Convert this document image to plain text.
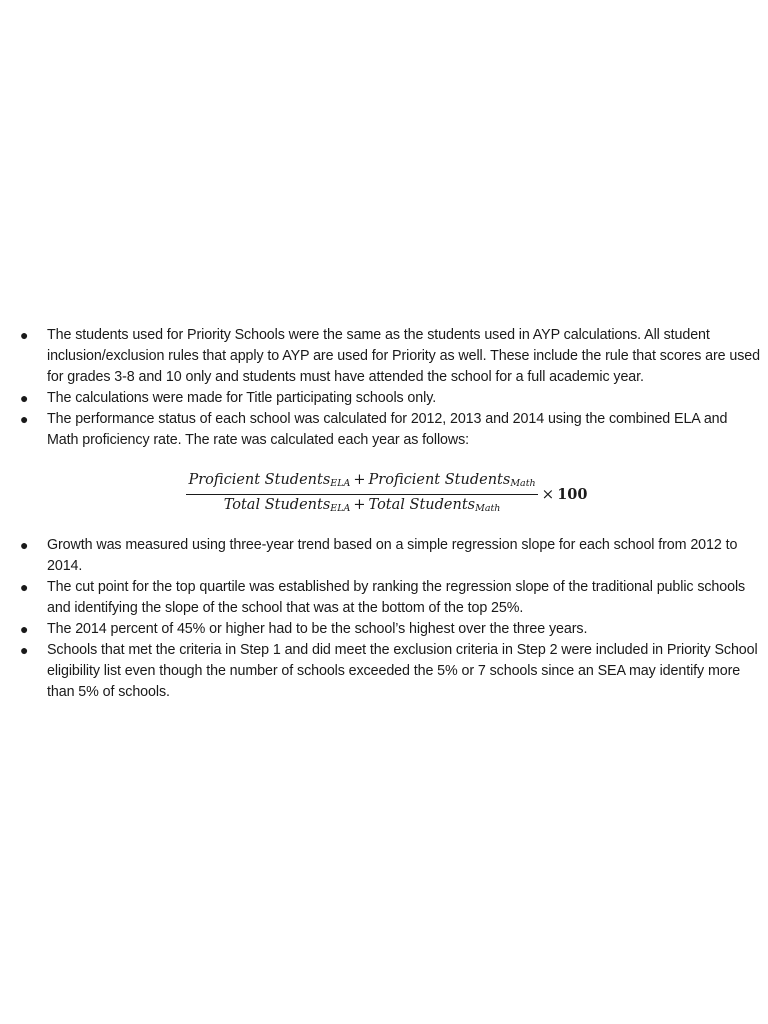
● The students used for Priority Schools were the same as the students used in AYP calculations. All student inclusion/exclusion rules that apply to AYP are used for Priority as well. These include the rule that scores are used for grades 3-8 and 10 only and students must have attended the school for a full academic year.
● The calculations were made for Title participating schools only.
● The performance status of each school was calculated for 2012, 2013 and 2014 using the combined ELA and Math proficiency rate. The rate was calculated each year as follows:
$\frac{Proficient Students_{ELA} + Proficient Students_{Math}}{Total Students_{ELA} + Total Students_{Math}} \times 100$
● Growth was measured using three-year trend based on a simple regression slope for each school from 2012 to 2014.
● The cut point for the top quartile was established by ranking the regression slope of the traditional public schools and identifying the slope of the school that was at the bottom of the top 25%.
● The 2014 percent of 45% or higher had to be the school’s highest over the three years.
● Schools that met the criteria in Step 1 and did meet the exclusion criteria in Step 2 were included in Priority School eligibility list even though the number of schools exceeded the 5% or 7 schools since an SEA may identify more than 5% of schools.
